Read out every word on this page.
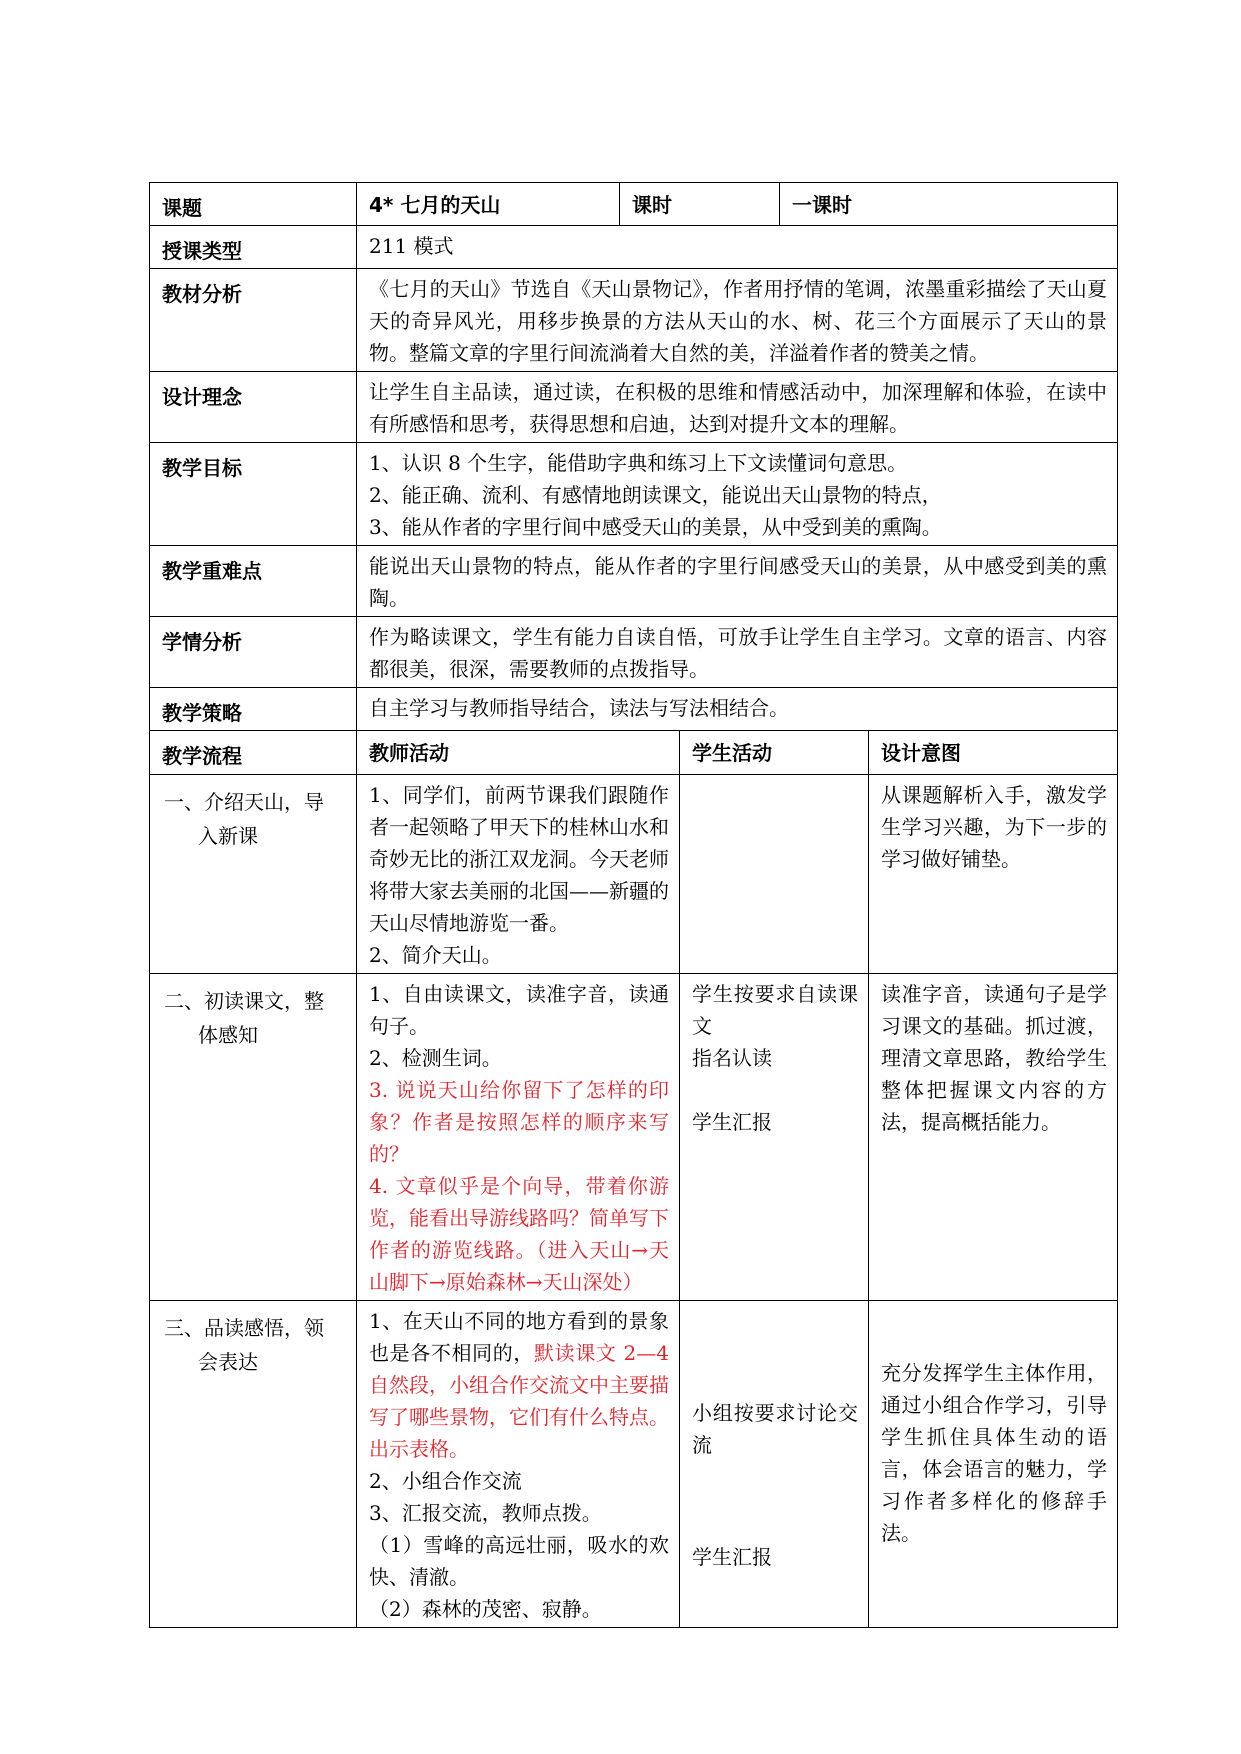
课题	4* 七月的天山	课时		一课时	
授课类型	211 模式				
教材分析	《七月的天山》节选自《天山景物记》，作者用抒情的笔调，浓墨重彩描绘了天山夏天的奇异风光，用移步换景的方法从天山的水、树、花三个方面展示了天山的景物。整篇文章的字里行间流淌着大自然的美，洋溢着作者的赞美之情。				

设计理念	让学生自主品读，通过读，在积极的思维和情感活动中，加深理解和体验，在读中有所感悟和思考，获得思想和启迪，达到对提升文本的理解。				

教学目标	1、认识 8 个生字，能借助字典和练习上下文读懂词句意思。
2、能正确、流利、有感情地朗读课文，能说出天山景物的特点，
3、能从作者的字里行间中感受天山的美景，从中受到美的熏陶。				

教学重难点	能说出天山景物的特点，能从作者的字里行间感受天山的美景，从中感受到美的熏陶。				

学情分析	作为略读课文，学生有能力自读自悟，可放手让学生自主学习。文章的语言、内容都很美，很深，需要教师的点拨指导。				

教学策略	自主学习与教师指导结合，读法与写法相结合。				

教学流程	教师活动		学生活动		设计意图

一、介绍天山，导
入新课	1、同学们，前两节课我们跟随作者一起领略了甲天下的桂林山水和奇妙无比的浙江双龙洞。今天老师将带大家去美丽的北国——新疆的天山尽情地游览一番。
2、简介天山。				从课题解析入手，激发学生学习兴趣，为下一步的学习做好铺垫。

二、初读课文，整
体感知	1、自由读课文，读准字音，读通句子。
2、检测生词。
3. 说说天山给你留下了怎样的印象？作者是按照怎样的顺序来写的？
4. 文章似乎是个向导，带着你游览，能看出导游线路吗？简单写下作者的游览线路。（进入天山→天山脚下→原始森林→天山深处）		学生按要求自读课文
指名认读
学生汇报		读准字音，读通句子是学习课文的基础。抓过渡，理清文章思路，教给学生整体把握课文内容的方法，提高概括能力。

三、品读感悟，领
会表达	1、在天山不同的地方看到的景象也是各不相同的，默读课文 2—4 自然段，小组合作交流文中主要描写了哪些景物，它们有什么特点。出示表格。
2、小组合作交流
3、汇报交流，教师点拨。
（1）雪峰的高远壮丽，吸水的欢快、清澈。
（2）森林的茂密、寂静。		小组按要求讨论交流
学生汇报		充分发挥学生主体作用，通过小组合作学习，引导学生抓住具体生动的语言，体会语言的魅力，学习作者多样化的修辞手法。
